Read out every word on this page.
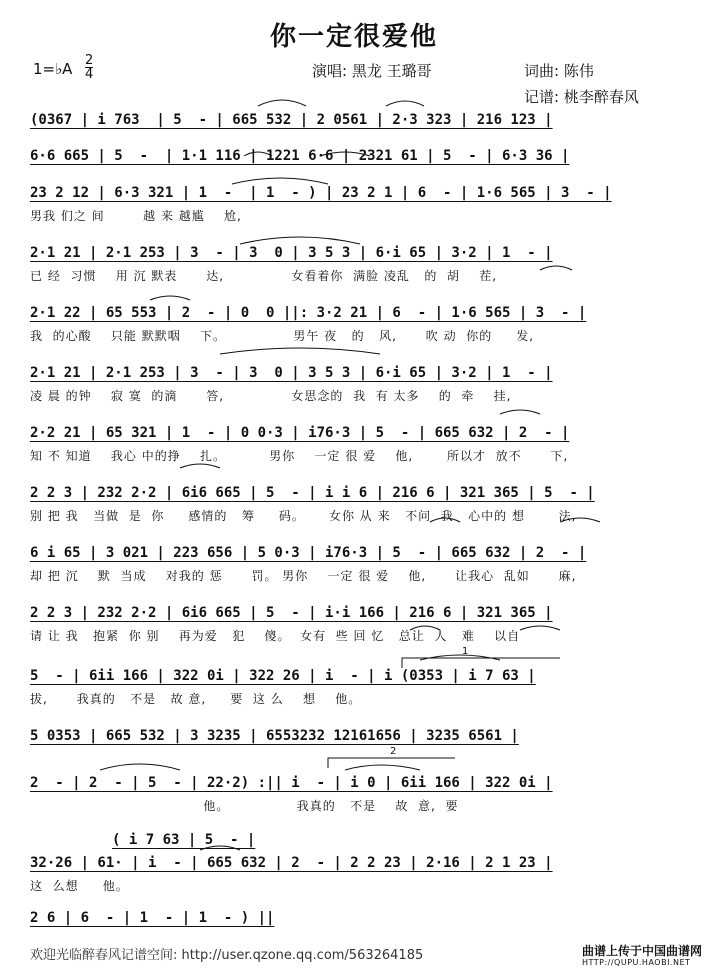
你一定很爱他
1=♭A 2
4	演唱: 黑龙 王璐哥	词曲: 陈伟
记谱: 桃李醉春风
(0367 | i 763  | 5  - | 665 532 | 2 0561 | 2·3 323 | 216 123 |
6·6 665 | 5  -  | 1·1 116 | 1221 6·6 | 2321 61 | 5  - | 6·3 36 |
23 2 12 | 6·3 321 | 1  -  | 1  - ) | 23 2 1 | 6  - | 1·6 565 | 3  - |
男我 们之 间        越 来 越尴    尬,
2·1 21 | 2·1 253 | 3  - | 3  0 | 3 5 3 | 6·i 65 | 3·2 | 1  - |
已 经  习惯    用 沉 默表      达,              女看着你  满脸 凌乱   的  胡    茬,
2·1 22 | 65 553 | 2  - | 0  0 ||: 3·2 21 | 6  - | 1·6 565 | 3  - |
我  的心酸    只能 默默咽    下。              男午 夜   的   风,      吹 动  你的     发,
2·1 21 | 2·1 253 | 3  - | 3  0 | 3 5 3 | 6·i 65 | 3·2 | 1  - |
凌 晨 的钟    寂 寞  的滴      答,              女思念的  我  有 太多    的  牵    挂,
2·2 21 | 65 321 | 1  - | 0 0·3 | i76·3 | 5  - | 665 632 | 2  - |
知 不 知道    我心 中的挣    扎。         男你    一定 很 爱    他,       所以才  放不      下,
2 2 3 | 232 2·2 | 6i6 665 | 5  - | i i 6 | 216 6 | 321 365 | 5  - |
别 把 我   当做  是  你     感情的   筹     码。     女你 从 来   不问  我   心中的 想       法,
6 i 65 | 3 021 | 223 656 | 5 0·3 | i76·3 | 5  - | 665 632 | 2  - |
却 把 沉    默  当成    对我的 惩      罚。 男你    一定 很 爱    他,      让我心  乱如      麻,
2 2 3 | 232 2·2 | 6i6 665 | 5  - | i·i 166 | 216 6 | 321 365 |
请 让 我   抱紧  你 别    再为爱   犯    傻。  女有  些 回 忆   总让  人   难    以自
5  - | 6ii 166 | 322 0i | 322 26 | i  - | i (0353 | i 7 63 |
拔,      我真的   不是   故 意,     要  这 么    想    他。
5 0353 | 665 532 | 3 3235 | 6553232 12161656 | 3235 6561 |
2  - | 2  - | 5  - | 22·2) :|| i  - | i 0 | 6ii 166 | 322 0i |
他。              我真的   不是    故  意,  要
32·26 | 61· | i  - | 665 632 | 2  - | 2 2 23 | 2·16 | 2 1 23 |
这  么想     他。
2 6 | 6  - | 1  - | 1  - ) ||
( i 7 63 | 5  - |
1
2
欢迎光临醉春风记谱空间: http://user.qzone.qq.com/563264185	曲谱上传于中国曲谱网
HTTP://QUPU.HAOBI.NET
